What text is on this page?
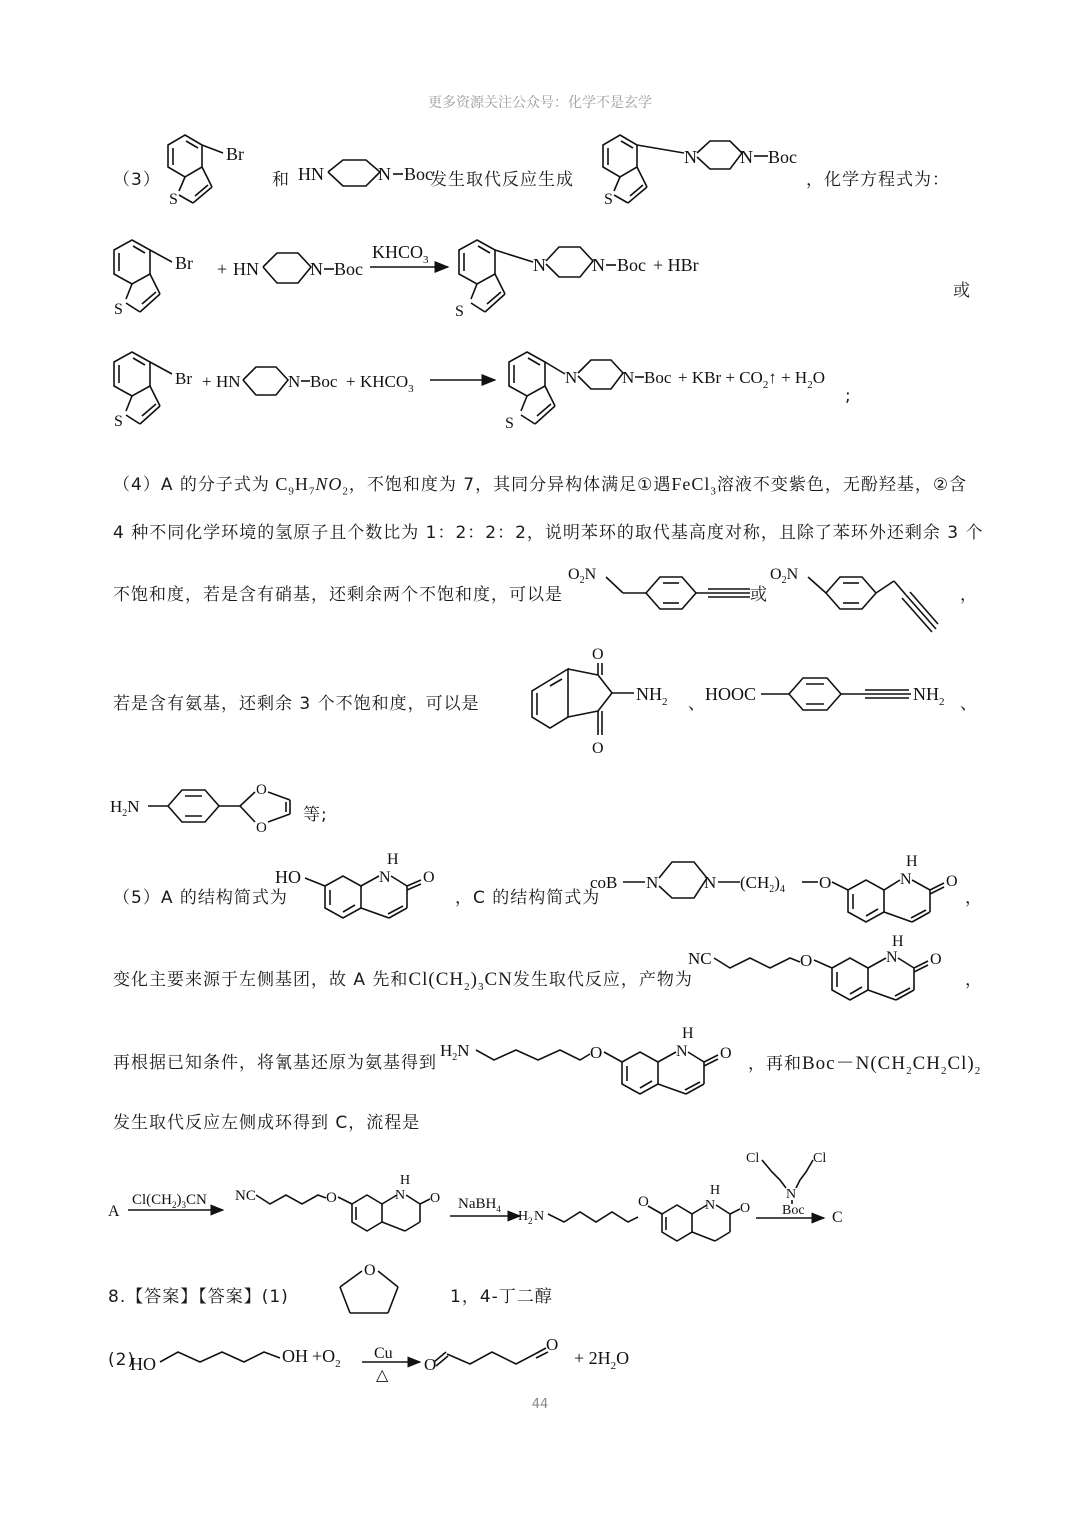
更多资源关注公众号：化学不是玄学
44
（3）	和	发生取代反应生成	，化学方程式为：
或
;
（4）A 的分子式为 $C_9H_7NO_2$，不饱和度为 7，其同分异构体满足①遇FeCl$_3$溶液不变紫色，无酚羟基，②含
4 种不同化学环境的氢原子且个数比为 1：2：2：2，说明苯环的取代基高度对称，且除了苯环外还剩余 3 个
不饱和度，若是含有硝基，还剩余两个不饱和度，可以是	或	，
若是含有氨基，还剩余 3 个不饱和度，可以是	、	、
等;
（5）A 的结构简式为	，C 的结构简式为	，
变化主要来源于左侧基团，故 A 先和$Cl(CH_2)_3CN$发生取代反应，产物为	，
再根据已知条件，将氰基还原为氨基得到	，再和$Boc-N(CH_2CH_2Cl)_2$
发生取代反应左侧成环得到 C，流程是
8.【答案】【答案】(1)	1，4-丁二醇
(2)
S
Br
HN	N Boc
S
N N Boc
S
Br + HN	N Boc
$KHCO_3$
S
N	N Boc + HBr
S
Br + HN	N Boc + $KHCO_3$
S
N	N Boc + KBr + $CO_2↑ + H_2O$
$O_2N$	$O_2N$
O
O
$NH_2$ HOOC	$NH_2$
$H_2N$
O
O
HO
H
N O	coB N	N $(CH_2)_4$ O
H
N O
NC	O
H
N O
$H_2N$	O
H
N O
A
$Cl(CH_2)_3CN$ NC	O
H
N O NaBH$_4$ H 2 N
O
H
N O
Cl	Cl
N
Boc C
O
HO	OH $+O_2$
Cu
△
O
O
+ $2H_2O$
